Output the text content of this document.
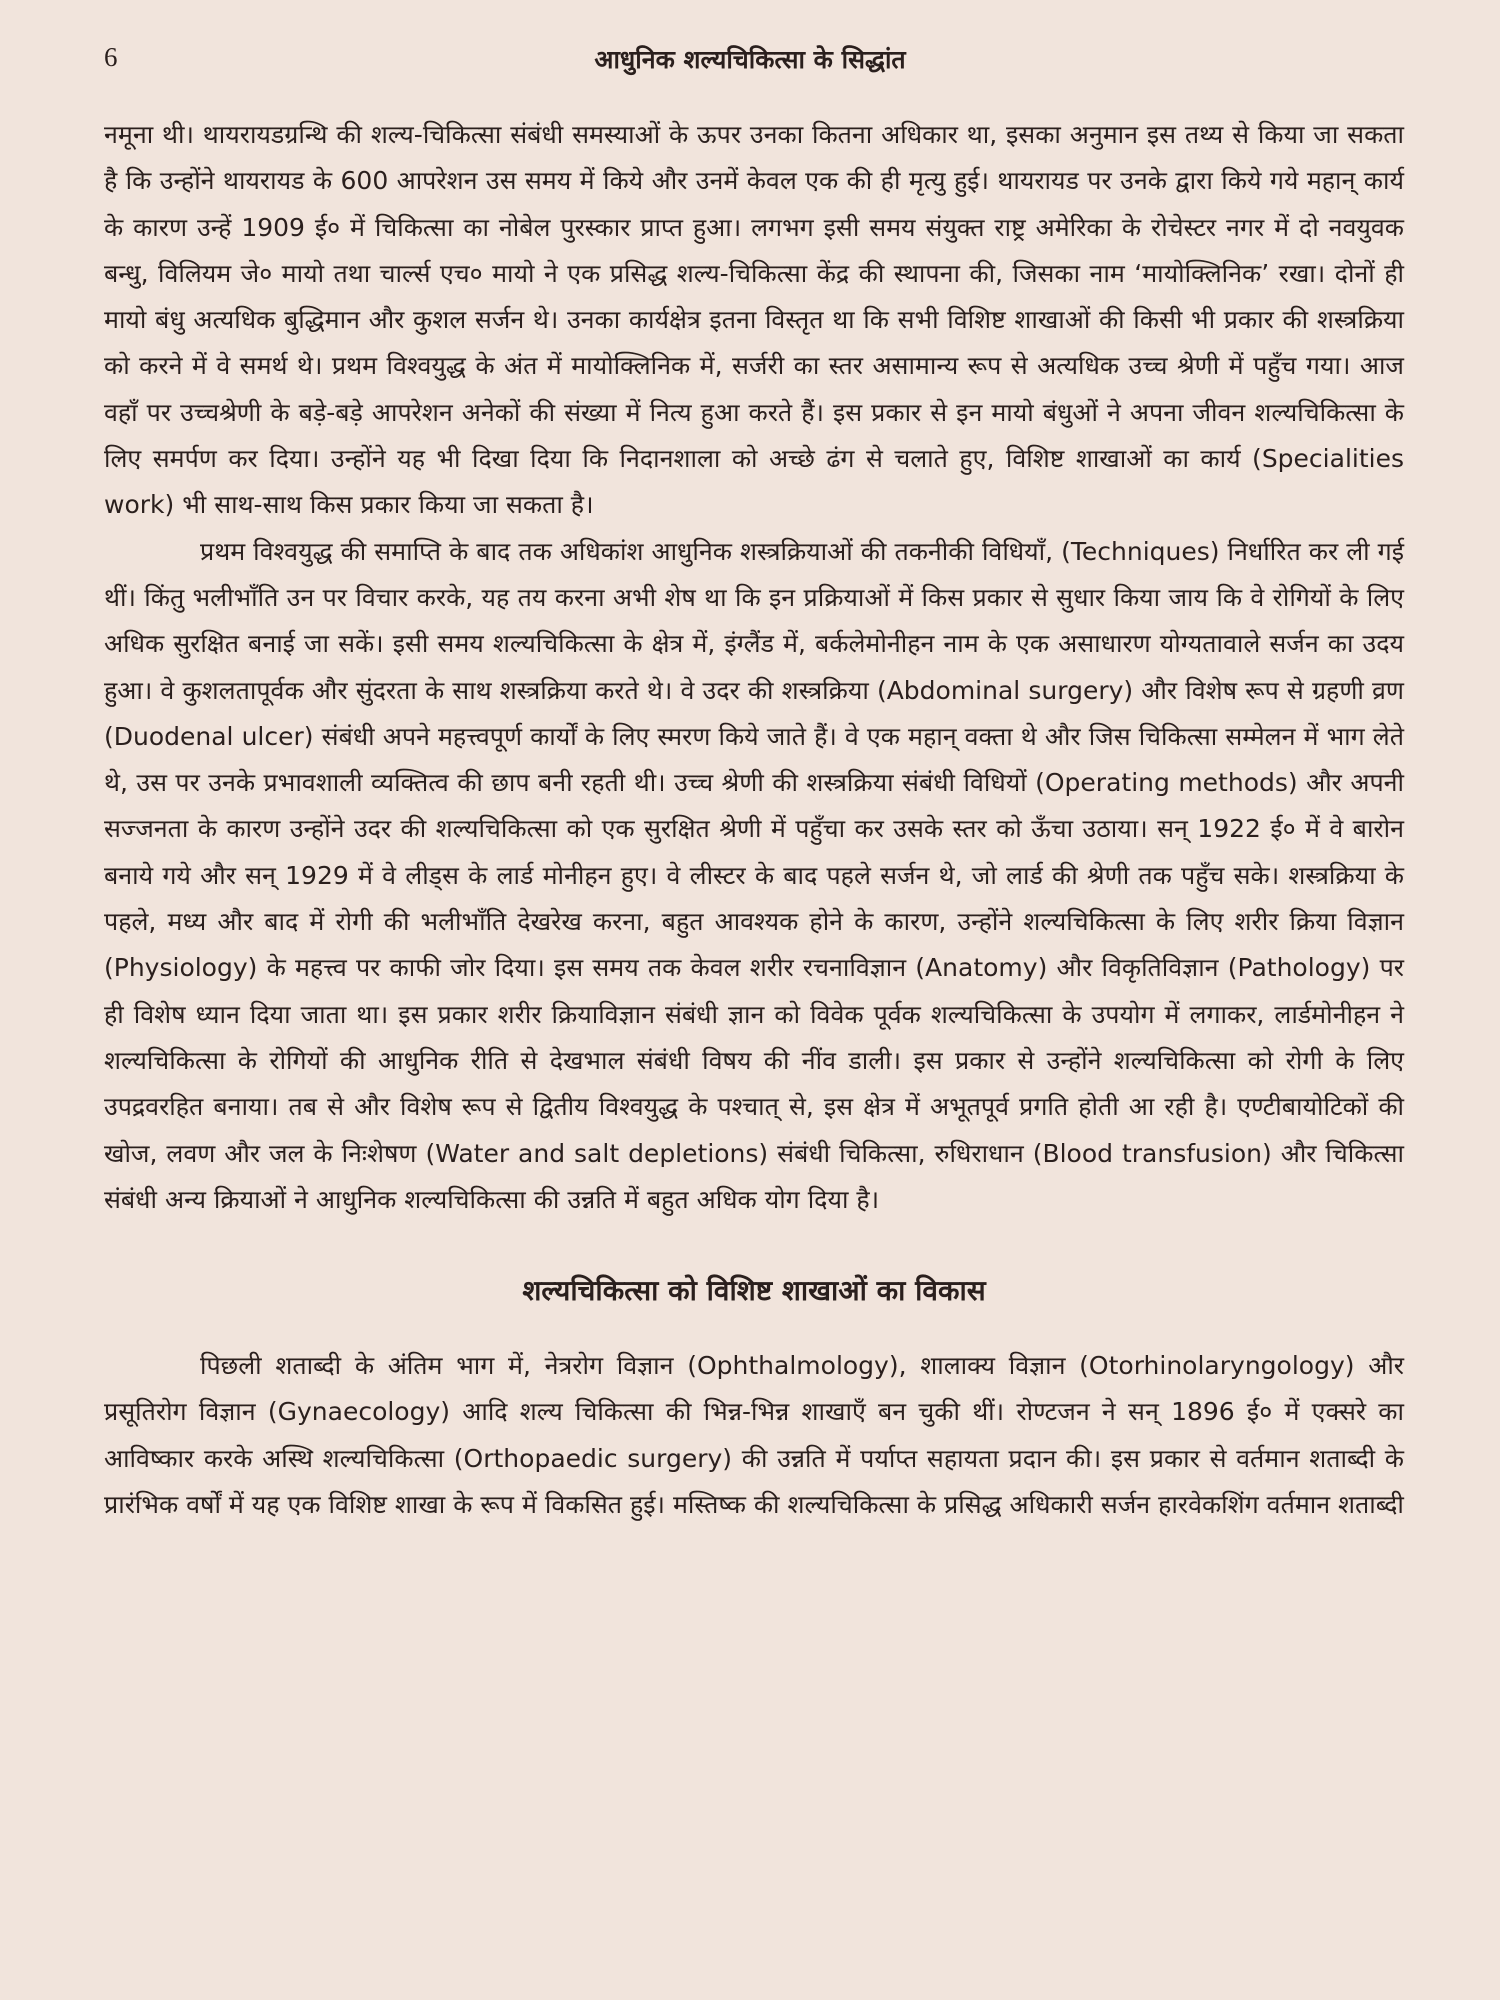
6	आधुनिक शल्यचिकित्सा के सिद्धांत

नमूना थी। थायरायडग्रन्थि की शल्य-चिकित्सा संबंधी समस्याओं के ऊपर उनका कितना अधिकार था, इसका अनुमान इस तथ्य से किया जा सकता है कि उन्होंने थायरायड के 600 आपरेशन उस समय में किये और उनमें केवल एक की ही मृत्यु हुई। थायरायड पर उनके द्वारा किये गये महान् कार्य के कारण उन्हें 1909 ई० में चिकित्सा का नोबेल पुरस्कार प्राप्त हुआ। लगभग इसी समय संयुक्त राष्ट्र अमेरिका के रोचेस्टर नगर में दो नवयुवक बन्धु, विलियम जे० मायो तथा चार्ल्स एच० मायो ने एक प्रसिद्ध शल्य-चिकित्सा केंद्र की स्थापना की, जिसका नाम ‘मायोक्लिनिक’ रखा। दोनों ही मायो बंधु अत्यधिक बुद्धिमान और कुशल सर्जन थे। उनका कार्यक्षेत्र इतना विस्तृत था कि सभी विशिष्ट शाखाओं की किसी भी प्रकार की शस्त्रक्रिया को करने में वे समर्थ थे। प्रथम विश्वयुद्ध के अंत में मायोक्लिनिक में, सर्जरी का स्तर असामान्य रूप से अत्यधिक उच्च श्रेणी में पहुँच गया। आज वहाँ पर उच्चश्रेणी के बड़े-बड़े आपरेशन अनेकों की संख्या में नित्य हुआ करते हैं। इस प्रकार से इन मायो बंधुओं ने अपना जीवन शल्यचिकित्सा के लिए समर्पण कर दिया। उन्होंने यह भी दिखा दिया कि निदानशाला को अच्छे ढंग से चलाते हुए, विशिष्ट शाखाओं का कार्य (Specialities work) भी साथ-साथ किस प्रकार किया जा सकता है।

प्रथम विश्वयुद्ध की समाप्ति के बाद तक अधिकांश आधुनिक शस्त्रक्रियाओं की तकनीकी विधियाँ, (Techniques) निर्धारित कर ली गई थीं। किंतु भलीभाँति उन पर विचार करके, यह तय करना अभी शेष था कि इन प्रक्रियाओं में किस प्रकार से सुधार किया जाय कि वे रोगियों के लिए अधिक सुरक्षित बनाई जा सकें। इसी समय शल्यचिकित्सा के क्षेत्र में, इंग्लैंड में, बर्कलेमोनीहन नाम के एक असाधारण योग्यतावाले सर्जन का उदय हुआ। वे कुशलतापूर्वक और सुंदरता के साथ शस्त्रक्रिया करते थे। वे उदर की शस्त्रक्रिया (Abdominal surgery) और विशेष रूप से ग्रहणी व्रण (Duodenal ulcer) संबंधी अपने महत्त्वपूर्ण कार्यों के लिए स्मरण किये जाते हैं। वे एक महान् वक्ता थे और जिस चिकित्सा सम्मेलन में भाग लेते थे, उस पर उनके प्रभावशाली व्यक्तित्व की छाप बनी रहती थी। उच्च श्रेणी की शस्त्रक्रिया संबंधी विधियों (Operating methods) और अपनी सज्जनता के कारण उन्होंने उदर की शल्यचिकित्सा को एक सुरक्षित श्रेणी में पहुँचा कर उसके स्तर को ऊँचा उठाया। सन् 1922 ई० में वे बारोन बनाये गये और सन् 1929 में वे लीड्स के लार्ड मोनीहन हुए। वे लीस्टर के बाद पहले सर्जन थे, जो लार्ड की श्रेणी तक पहुँच सके। शस्त्रक्रिया के पहले, मध्य और बाद में रोगी की भलीभाँति देखरेख करना, बहुत आवश्यक होने के कारण, उन्होंने शल्यचिकित्सा के लिए शरीर क्रिया विज्ञान (Physiology) के महत्त्व पर काफी जोर दिया। इस समय तक केवल शरीर रचनाविज्ञान (Anatomy) और विकृतिविज्ञान (Pathology) पर ही विशेष ध्यान दिया जाता था। इस प्रकार शरीर क्रियाविज्ञान संबंधी ज्ञान को विवेक पूर्वक शल्यचिकित्सा के उपयोग में लगाकर, लार्डमोनीहन ने शल्यचिकित्सा के रोगियों की आधुनिक रीति से देखभाल संबंधी विषय की नींव डाली। इस प्रकार से उन्होंने शल्यचिकित्सा को रोगी के लिए उपद्रवरहित बनाया। तब से और विशेष रूप से द्वितीय विश्वयुद्ध के पश्चात् से, इस क्षेत्र में अभूतपूर्व प्रगति होती आ रही है। एण्टीबायोटिकों की खोज, लवण और जल के निःशेषण (Water and salt depletions) संबंधी चिकित्सा, रुधिराधान (Blood transfusion) और चिकित्सा संबंधी अन्य क्रियाओं ने आधुनिक शल्यचिकित्सा की उन्नति में बहुत अधिक योग दिया है।

शल्यचिकित्सा को विशिष्ट शाखाओं का विकास

पिछली शताब्दी के अंतिम भाग में, नेत्ररोग विज्ञान (Ophthalmology), शालाक्य विज्ञान (Otorhinolaryngology) और प्रसूतिरोग विज्ञान (Gynaecology) आदि शल्य चिकित्सा की भिन्न-भिन्न शाखाएँ बन चुकी थीं। रोण्टजन ने सन् 1896 ई० में एक्सरे का आविष्कार करके अस्थि शल्यचिकित्सा (Orthopaedic surgery) की उन्नति में पर्याप्त सहायता प्रदान की। इस प्रकार से वर्तमान शताब्दी के प्रारंभिक वर्षों में यह एक विशिष्ट शाखा के रूप में विकसित हुई। मस्तिष्क की शल्यचिकित्सा के प्रसिद्ध अधिकारी सर्जन हारवेकशिंग वर्तमान शताब्दी
